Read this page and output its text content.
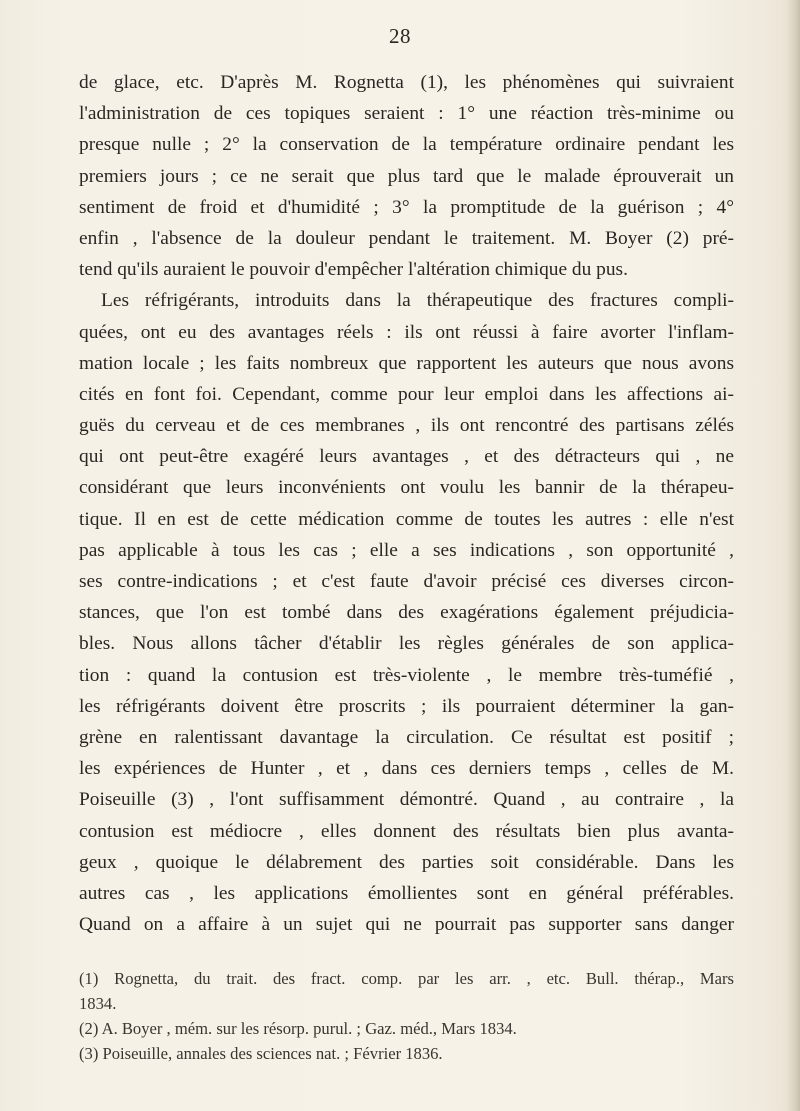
28
de glace, etc. D'après M. Rognetta (1), les phénomènes qui suivraient
l'administration de ces topiques seraient : 1° une réaction très-minime ou
presque nulle ; 2° la conservation de la température ordinaire pendant les
premiers jours ; ce ne serait que plus tard que le malade éprouverait un
sentiment de froid et d'humidité ; 3° la promptitude de la guérison ; 4°
enfin , l'absence de la douleur pendant le traitement. M. Boyer (2) pré-
tend qu'ils auraient le pouvoir d'empêcher l'altération chimique du pus.
Les réfrigérants, introduits dans la thérapeutique des fractures compli-
quées, ont eu des avantages réels : ils ont réussi à faire avorter l'inflam-
mation locale ; les faits nombreux que rapportent les auteurs que nous avons
cités en font foi. Cependant, comme pour leur emploi dans les affections ai-
guës du cerveau et de ces membranes , ils ont rencontré des partisans zélés
qui ont peut-être exagéré leurs avantages , et des détracteurs qui , ne
considérant que leurs inconvénients ont voulu les bannir de la thérapeu-
tique. Il en est de cette médication comme de toutes les autres : elle n'est
pas applicable à tous les cas ; elle a ses indications , son opportunité ,
ses contre-indications ; et c'est faute d'avoir précisé ces diverses circon-
stances, que l'on est tombé dans des exagérations également préjudicia-
bles. Nous allons tâcher d'établir les règles générales de son applica-
tion : quand la contusion est très-violente , le membre très-tuméfié ,
les réfrigérants doivent être proscrits ; ils pourraient déterminer la gan-
grène en ralentissant davantage la circulation. Ce résultat est positif ;
les expériences de Hunter , et , dans ces derniers temps , celles de M.
Poiseuille (3) , l'ont suffisamment démontré. Quand , au contraire , la
contusion est médiocre , elles donnent des résultats bien plus avanta-
geux , quoique le délabrement des parties soit considérable. Dans les
autres cas , les applications émollientes sont en général préférables.
Quand on a affaire à un sujet qui ne pourrait pas supporter sans danger
(1) Rognetta, du trait. des fract. comp. par les arr. , etc. Bull. thérap., Mars
1834.
(2) A. Boyer , mém. sur les résorp. purul. ; Gaz. méd., Mars 1834.
(3) Poiseuille, annales des sciences nat. ; Février 1836.
